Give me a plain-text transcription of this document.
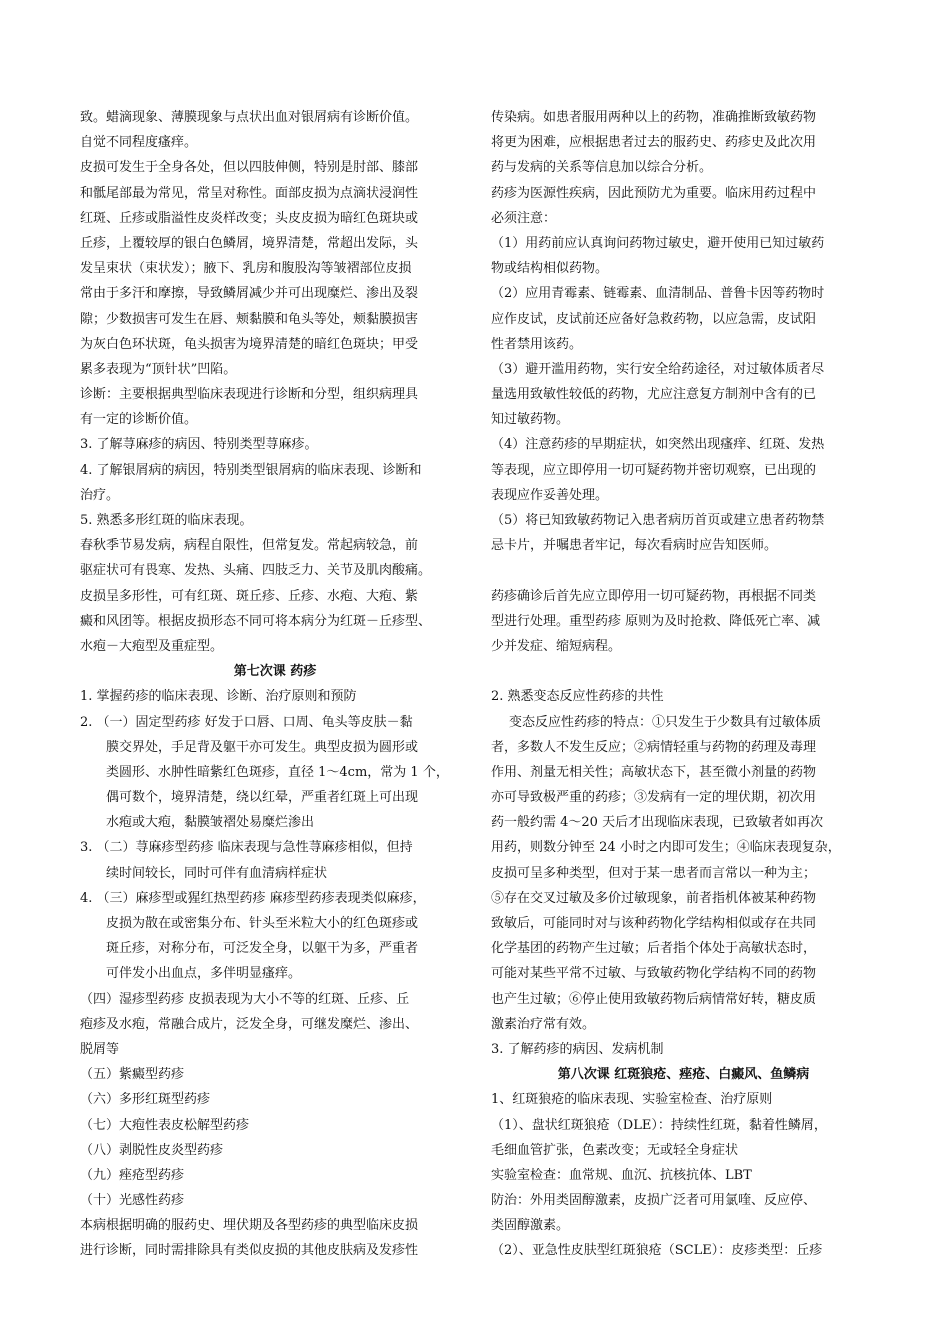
致。蜡滴现象、薄膜现象与点状出血对银屑病有诊断价值。
自觉不同程度瘙痒。
皮损可发生于全身各处，但以四肢伸侧，特别是肘部、膝部
和骶尾部最为常见，常呈对称性。面部皮损为点滴状浸润性
红斑、丘疹或脂溢性皮炎样改变；头皮皮损为暗红色斑块或
丘疹，上覆较厚的银白色鳞屑，境界清楚，常超出发际，头
发呈束状（束状发）；腋下、乳房和腹股沟等皱褶部位皮损
常由于多汗和摩擦，导致鳞屑减少并可出现糜烂、渗出及裂
隙；少数损害可发生在唇、颊黏膜和龟头等处，颊黏膜损害
为灰白色环状斑，龟头损害为境界清楚的暗红色斑块；甲受
累多表现为“顶针状”凹陷。
诊断：主要根据典型临床表现进行诊断和分型，组织病理具
有一定的诊断价值。
3. 了解荨麻疹的病因、特别类型荨麻疹。
4. 了解银屑病的病因，特别类型银屑病的临床表现、诊断和
治疗。
5. 熟悉多形红斑的临床表现。
春秋季节易发病，病程自限性，但常复发。常起病较急，前
驱症状可有畏寒、发热、头痛、四肢乏力、关节及肌肉酸痛。
皮损呈多形性，可有红斑、斑丘疹、丘疹、水疱、大疱、紫
癜和风团等。根据皮损形态不同可将本病分为红斑－丘疹型、
水疱－大疱型及重症型。
第七次课 药疹
1. 掌握药疹的临床表现、诊断、治疗原则和预防
2. （一）固定型药疹 好发于口唇、口周、龟头等皮肤－黏
膜交界处，手足背及躯干亦可发生。典型皮损为圆形或
类圆形、水肿性暗紫红色斑疹，直径 1～4cm，常为 1 个，
偶可数个，境界清楚，绕以红晕，严重者红斑上可出现
水疱或大疱，黏膜皱褶处易糜烂渗出
3. （二）荨麻疹型药疹 临床表现与急性荨麻疹相似，但持
续时间较长，同时可伴有血清病样症状
4. （三）麻疹型或猩红热型药疹 麻疹型药疹表现类似麻疹，
皮损为散在或密集分布、针头至米粒大小的红色斑疹或
斑丘疹，对称分布，可泛发全身，以躯干为多，严重者
可伴发小出血点，多伴明显瘙痒。
（四）湿疹型药疹 皮损表现为大小不等的红斑、丘疹、丘
疱疹及水疱，常融合成片，泛发全身，可继发糜烂、渗出、
脱屑等
（五）紫癜型药疹
（六）多形红斑型药疹
（七）大疱性表皮松解型药疹
（八）剥脱性皮炎型药疹
（九）痤疮型药疹
（十）光感性药疹
本病根据明确的服药史、埋伏期及各型药疹的典型临床皮损
进行诊断，同时需排除具有类似皮损的其他皮肤病及发疹性
传染病。如患者服用两种以上的药物，准确推断致敏药物
将更为困难，应根据患者过去的服药史、药疹史及此次用
药与发病的关系等信息加以综合分析。
药疹为医源性疾病，因此预防尤为重要。临床用药过程中
必须注意：
（1）用药前应认真询问药物过敏史，避开使用已知过敏药
物或结构相似药物。
（2）应用青霉素、链霉素、血清制品、普鲁卡因等药物时
应作皮试，皮试前还应备好急救药物，以应急需，皮试阳
性者禁用该药。
（3）避开滥用药物，实行安全给药途径，对过敏体质者尽
量选用致敏性较低的药物，尤应注意复方制剂中含有的已
知过敏药物。
（4）注意药疹的早期症状，如突然出现瘙痒、红斑、发热
等表现，应立即停用一切可疑药物并密切观察，已出现的
表现应作妥善处理。
（5）将已知致敏药物记入患者病历首页或建立患者药物禁
忌卡片，并嘱患者牢记，每次看病时应告知医师。
药疹确诊后首先应立即停用一切可疑药物，再根据不同类
型进行处理。重型药疹 原则为及时抢救、降低死亡率、减
少并发症、缩短病程。
2. 熟悉变态反应性药疹的共性
变态反应性药疹的特点：①只发生于少数具有过敏体质
者，多数人不发生反应；②病情轻重与药物的药理及毒理
作用、剂量无相关性；高敏状态下，甚至微小剂量的药物
亦可导致极严重的药疹；③发病有一定的埋伏期，初次用
药一般约需 4～20 天后才出现临床表现，已致敏者如再次
用药，则数分钟至 24 小时之内即可发生；④临床表现复杂，
皮损可呈多种类型，但对于某一患者而言常以一种为主；
⑤存在交叉过敏及多价过敏现象，前者指机体被某种药物
致敏后，可能同时对与该种药物化学结构相似或存在共同
化学基团的药物产生过敏；后者指个体处于高敏状态时，
可能对某些平常不过敏、与致敏药物化学结构不同的药物
也产生过敏；⑥停止使用致敏药物后病情常好转，糖皮质
激素治疗常有效。
3. 了解药疹的病因、发病机制
第八次课 红斑狼疮、痤疮、白癜风、鱼鳞病
1、红斑狼疮的临床表现、实验室检查、治疗原则
（1）、盘状红斑狼疮（DLE）：持续性红斑，黏着性鳞屑，
毛细血管扩张，色素改变；无或轻全身症状
实验室检查：血常规、血沉、抗核抗体、LBT
防治：外用类固醇激素，皮损广泛者可用氯喹、反应停、
类固醇激素。
（2）、亚急性皮肤型红斑狼疮（SCLE）：皮疹类型：丘疹
